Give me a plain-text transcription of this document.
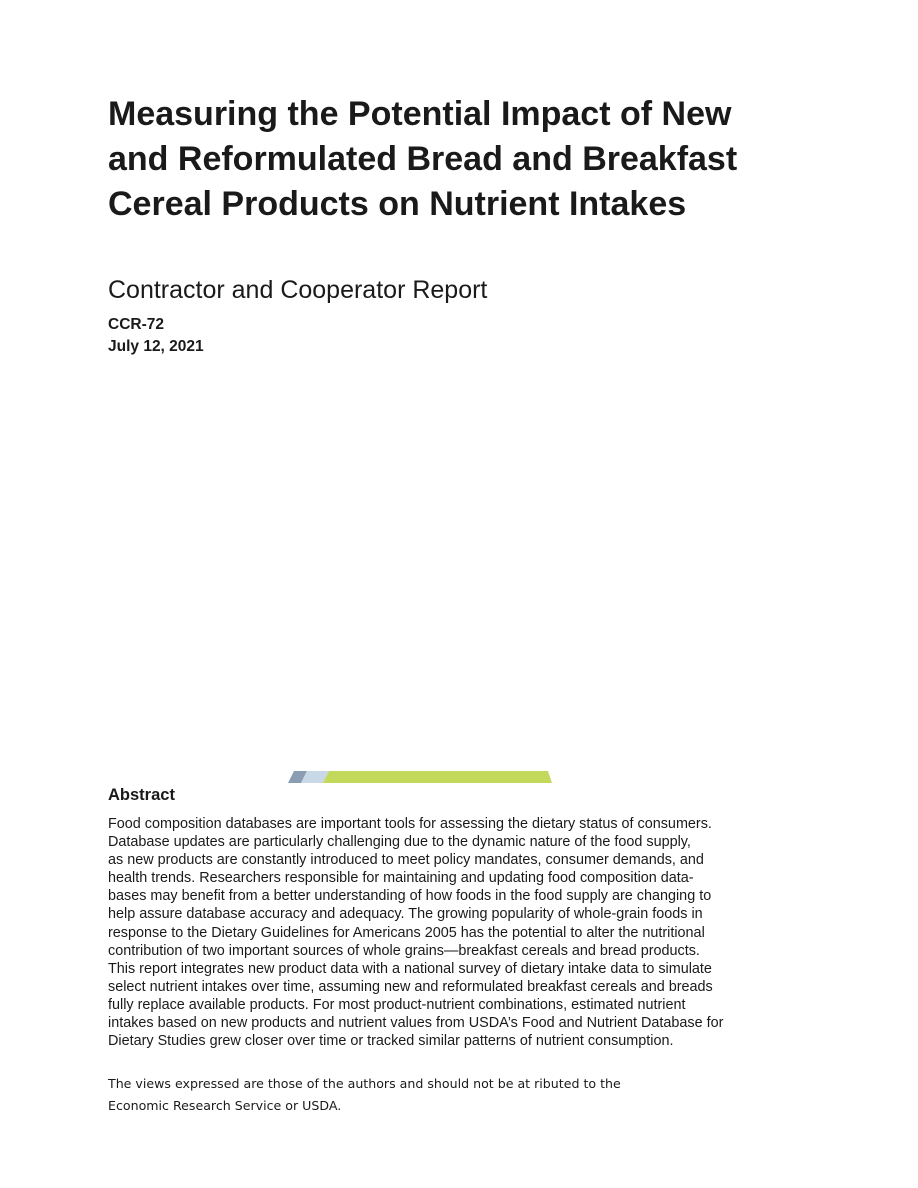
Measuring the Potential Impact of New
and Reformulated Bread and Breakfast
Cereal Products on Nutrient Intakes
Contractor and Cooperator Report
CCR-72
July 12, 2021
Abstract

Food composition databases are important tools for assessing the dietary status of consumers.
Database updates are particularly challenging due to the dynamic nature of the food supply,
as new products are constantly introduced to meet policy mandates, consumer demands, and
health trends. Researchers responsible for maintaining and updating food composition data-
bases may benefit from a better understanding of how foods in the food supply are changing to
help assure database accuracy and adequacy. The growing popularity of whole-grain foods in
response to the Dietary Guidelines for Americans 2005 has the potential to alter the nutritional
contribution of two important sources of whole grains—breakfast cereals and bread products.
This report integrates new product data with a national survey of dietary intake data to simulate
select nutrient intakes over time, assuming new and reformulated breakfast cereals and breads
fully replace available products. For most product-nutrient combinations, estimated nutrient
intakes based on new products and nutrient values from USDA’s Food and Nutrient Database for
Dietary Studies grew closer over time or tracked similar patterns of nutrient consumption.

The views expressed are those of the authors and should not be at ributed to the
Economic Research Service or USDA.
